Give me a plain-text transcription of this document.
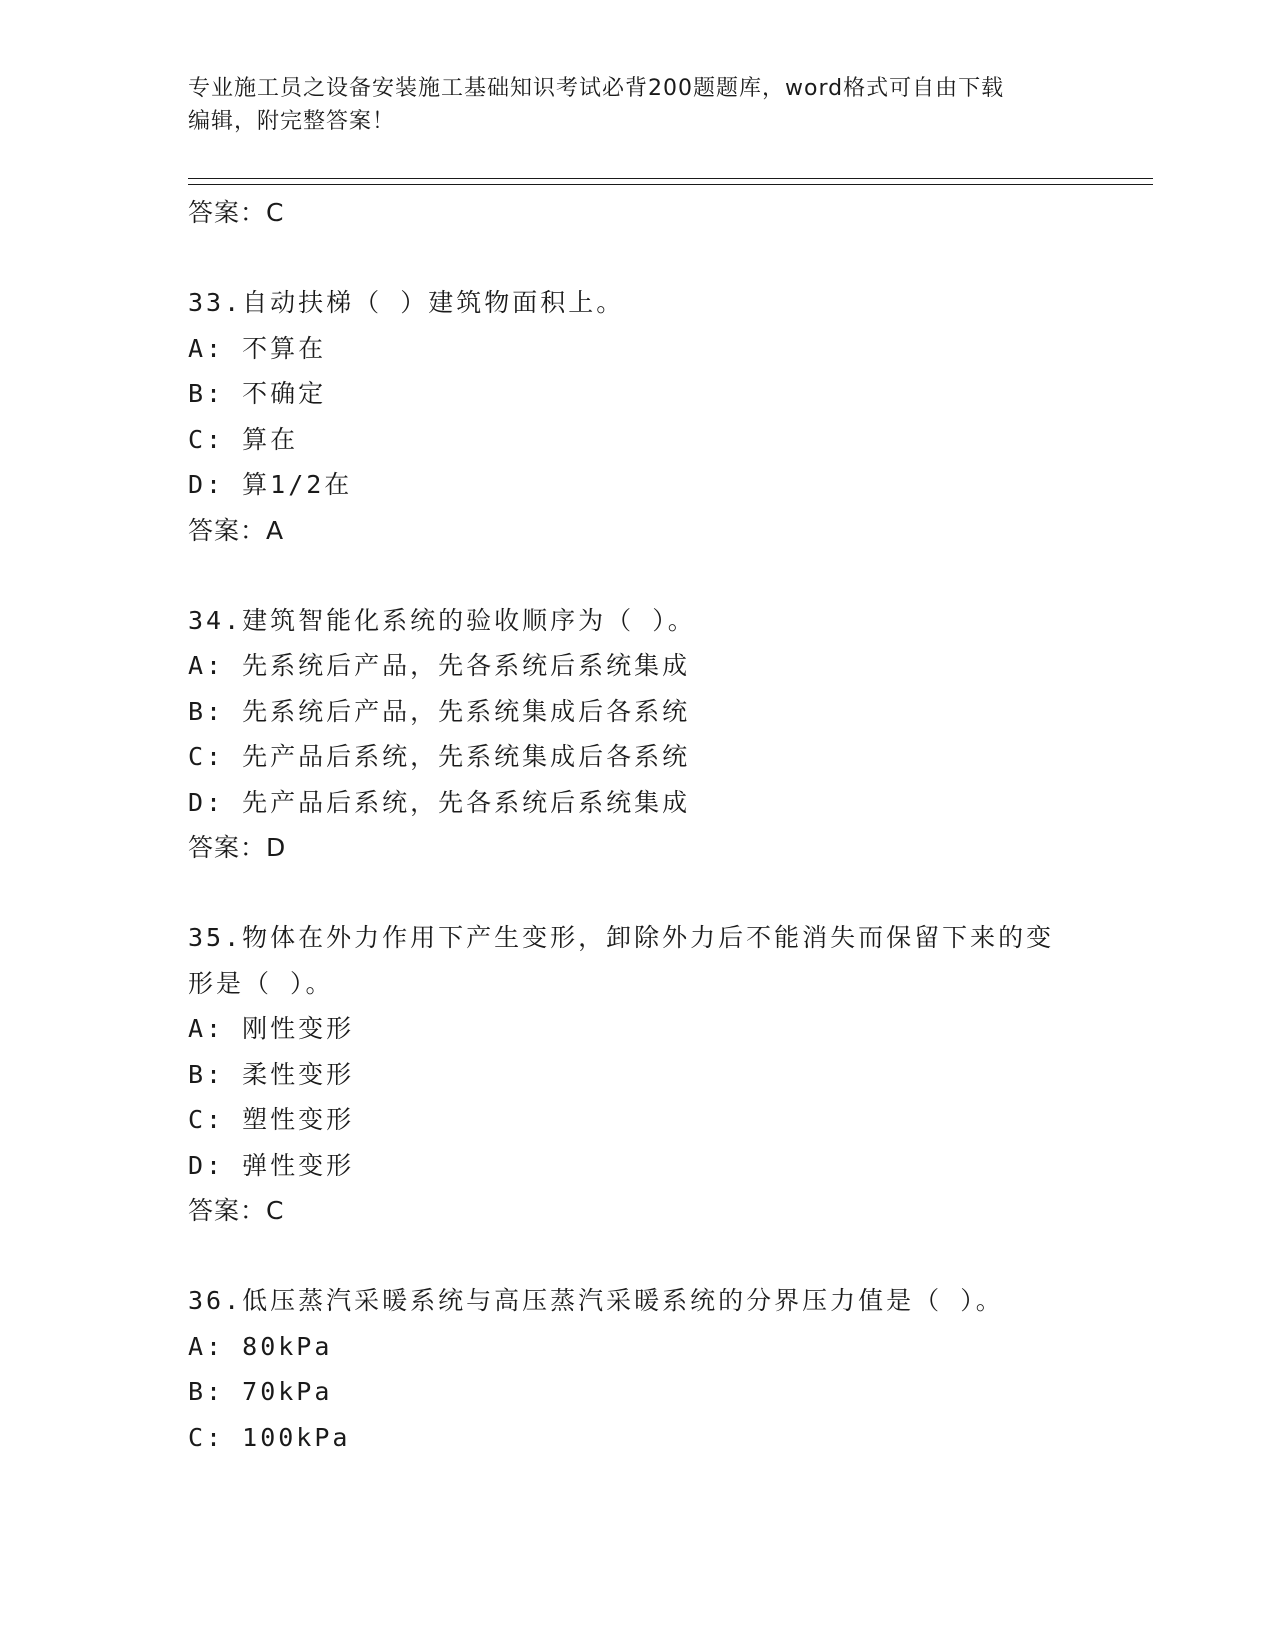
专业施工员之设备安装施工基础知识考试必背200题题库，word格式可自由下载
编辑，附完整答案！
答案：C
33.自动扶梯（ ）建筑物面积上。
A: 不算在
B: 不确定
C: 算在
D: 算1/2在
答案：A
34.建筑智能化系统的验收顺序为（ ）。
A: 先系统后产品，先各系统后系统集成
B: 先系统后产品，先系统集成后各系统
C: 先产品后系统，先系统集成后各系统
D: 先产品后系统，先各系统后系统集成
答案：D
35.物体在外力作用下产生变形，卸除外力后不能消失而保留下来的变
形是（ ）。
A: 刚性变形
B: 柔性变形
C: 塑性变形
D: 弹性变形
答案：C
36.低压蒸汽采暖系统与高压蒸汽采暖系统的分界压力值是（ ）。
A: 80kPa
B: 70kPa
C: 100kPa
